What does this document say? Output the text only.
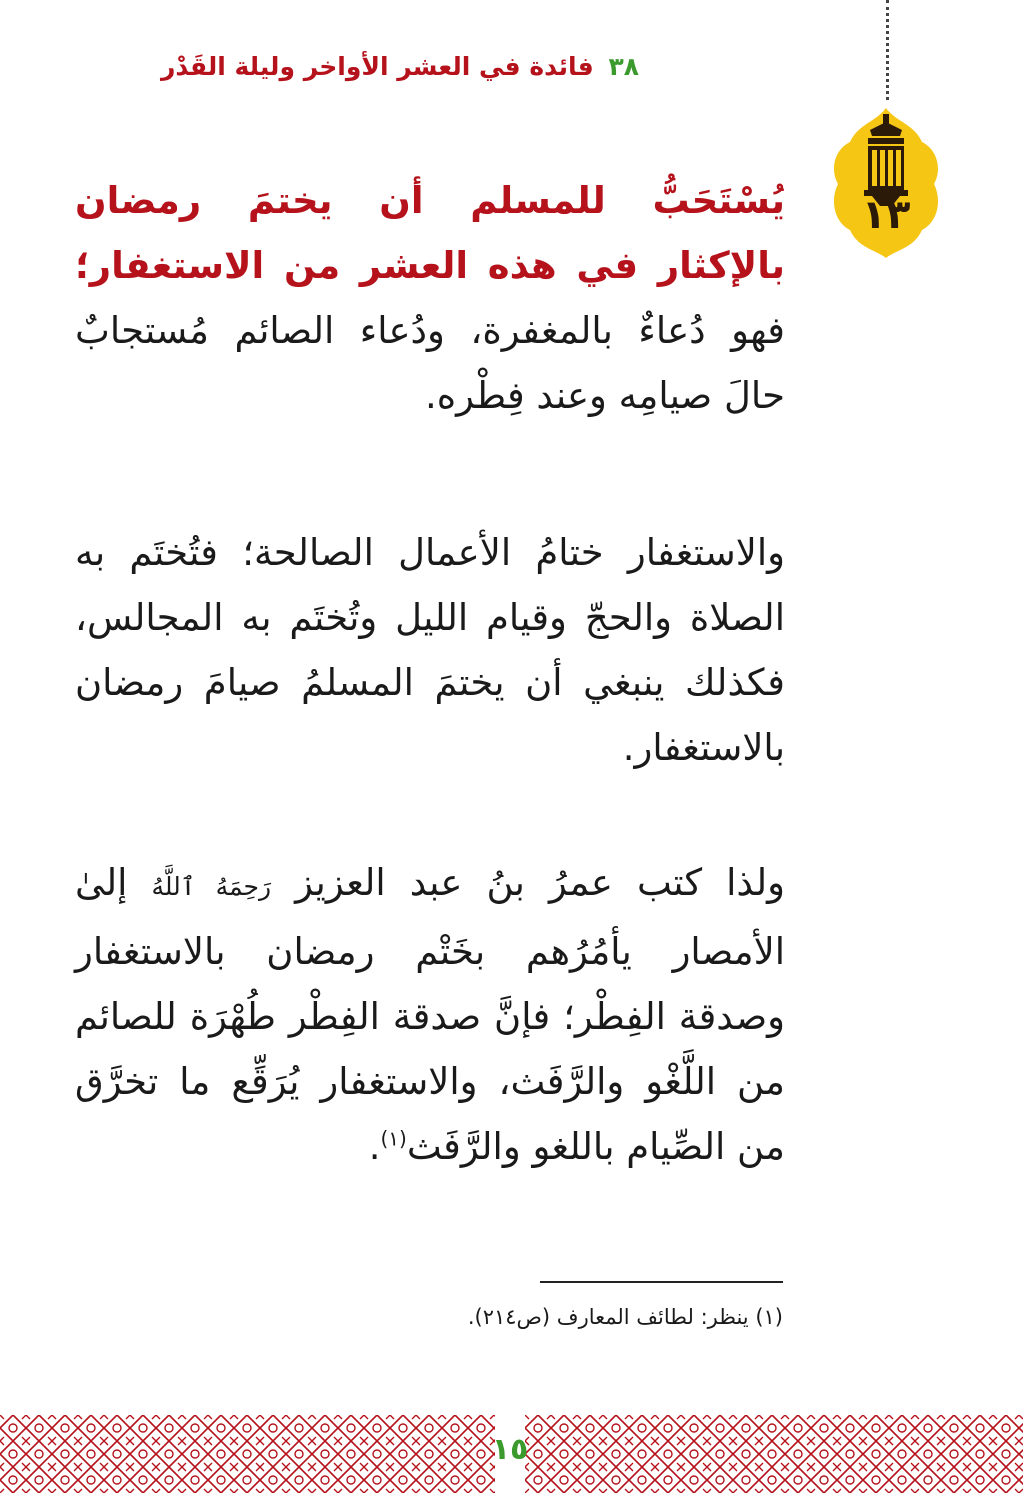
٣٨ فائدة في العشر الأواخر وليلة القَدْر
١٣

يُسْتَحَبُّ للمسلم أن يختمَ رمضان بالإكثار في هذه العشر من الاستغفار؛ فهو دُعاءٌ بالمغفرة، ودُعاء الصائم مُستجابٌ حالَ صيامِه وعند فِطْره.

والاستغفار ختامُ الأعمال الصالحة؛ فتُختَم به الصلاة والحجّ وقيام الليل وتُختَم به المجالس، فكذلك ينبغي أن يختمَ المسلمُ صيامَ رمضان بالاستغفار.

ولذا كتب عمرُ بنُ عبد العزيز رَحِمَهُ ٱللَّهُ إلىٰ الأمصار يأمُرُهم بخَتْم رمضان بالاستغفار وصدقة الفِطْر؛ فإنَّ صدقة الفِطْر طُهْرَة للصائم من اللَّغْو والرَّفَث، والاستغفار يُرَقِّع ما تخرَّق من الصِّيام باللغو والرَّفَث$^{(١)}$.

(١) ينظر: لطائف المعارف (ص٢١٤).
١٥
